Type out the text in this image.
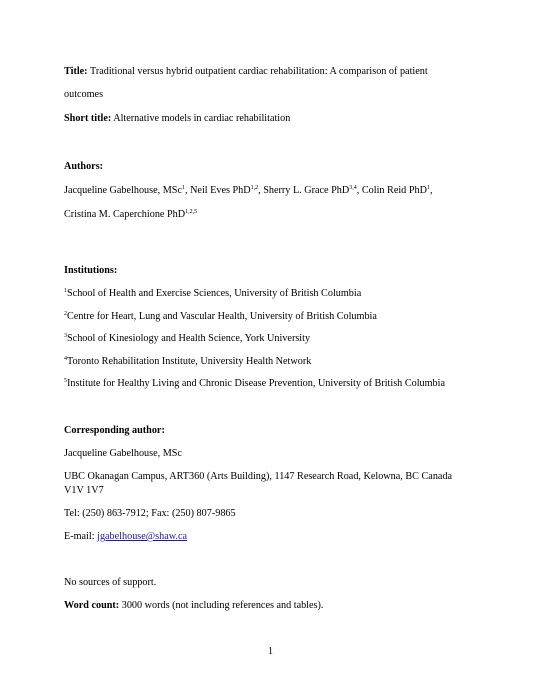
Title: Traditional versus hybrid outpatient cardiac rehabilitation: A comparison of patient
outcomes
Short title: Alternative models in cardiac rehabilitation
Authors:
Jacqueline Gabelhouse, MSc$^1$, Neil Eves PhD$^{1,2}$, Sherry L. Grace PhD$^{3,4}$, Colin Reid PhD$^1$,
Cristina M. Caperchione PhD$^{1,2,5}$
Institutions:
$^1$School of Health and Exercise Sciences, University of British Columbia
$^2$Centre for Heart, Lung and Vascular Health, University of British Columbia
$^3$School of Kinesiology and Health Science, York University
$^4$Toronto Rehabilitation Institute, University Health Network
$^5$Institute for Healthy Living and Chronic Disease Prevention, University of British Columbia
Corresponding author:
Jacqueline Gabelhouse, MSc
UBC Okanagan Campus, ART360 (Arts Building), 1147 Research Road, Kelowna, BC Canada
V1V 1V7
Tel: (250) 863-7912; Fax: (250) 807-9865
E-mail: jgabelhouse@shaw.ca
No sources of support.
Word count: 3000 words (not including references and tables).
1
